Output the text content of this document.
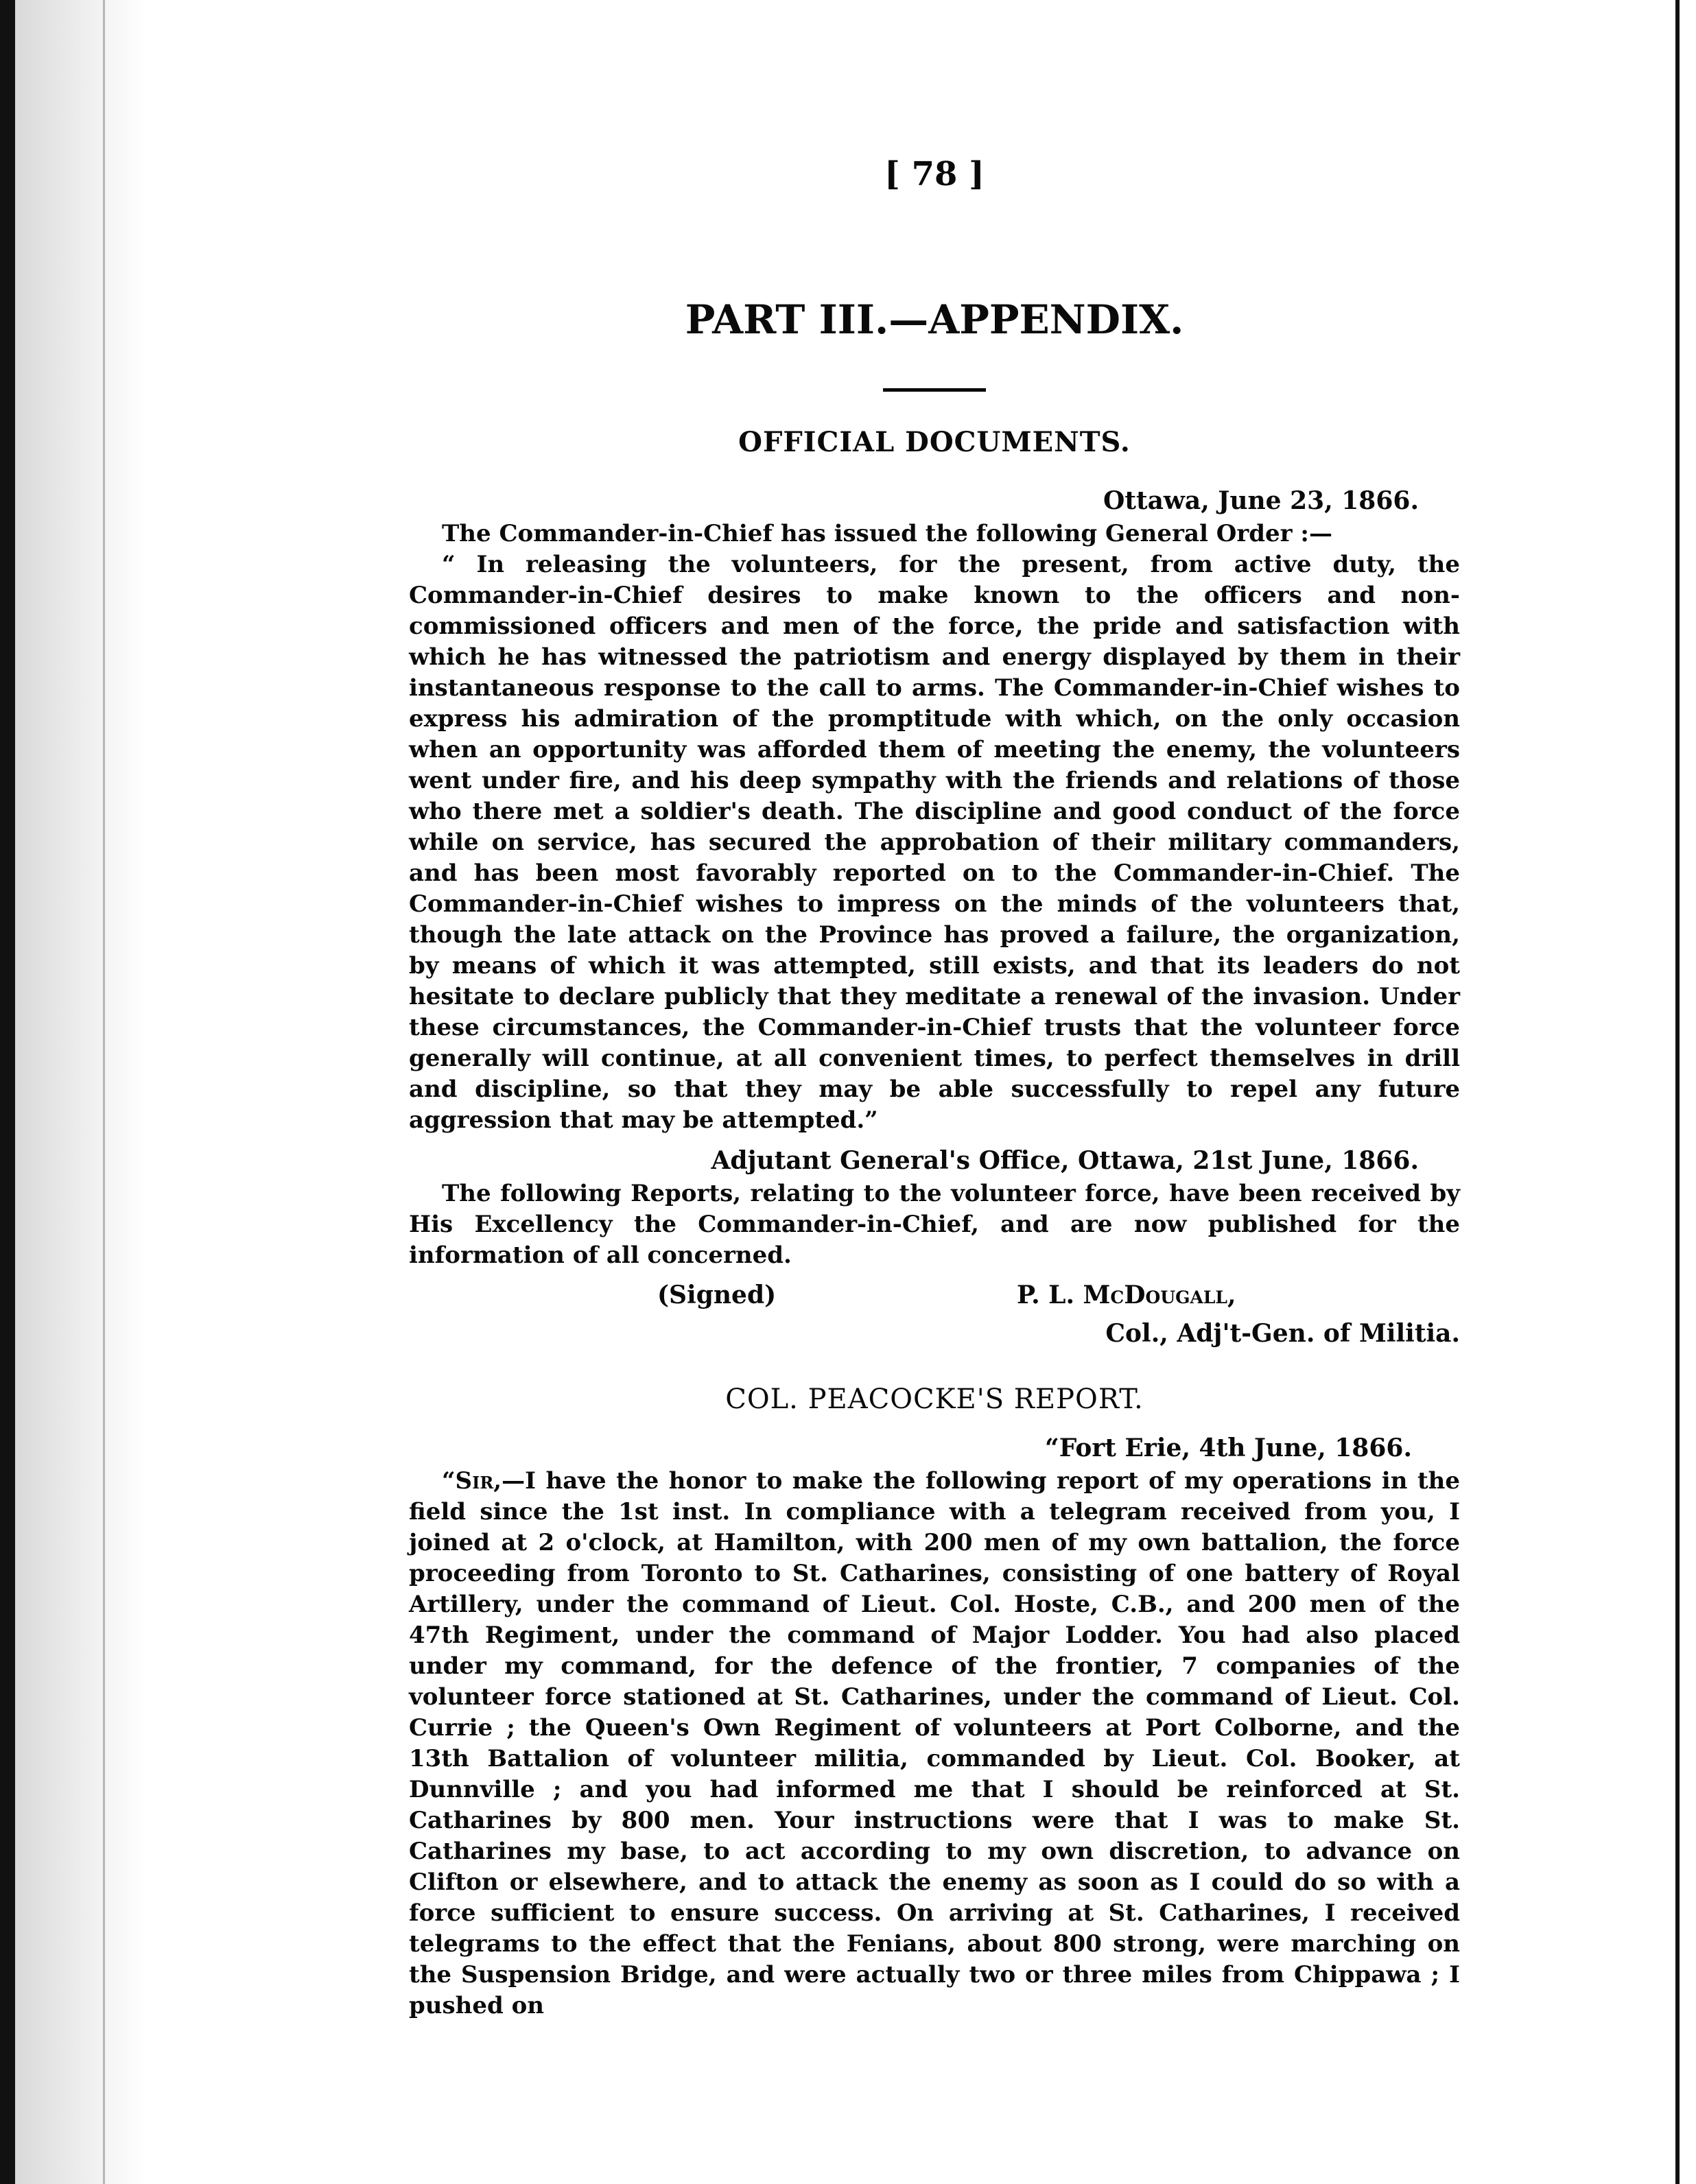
[ 78 ]
PART III.—APPENDIX.
OFFICIAL DOCUMENTS.
Ottawa, June 23, 1866.

The Commander-in-Chief has issued the following General Order :—

“ In releasing the volunteers, for the present, from active duty, the Commander-in-Chief desires to make known to the officers and non-commissioned officers and men of the force, the pride and satisfaction with which he has witnessed the patriotism and energy displayed by them in their instantaneous response to the call to arms. The Commander-in-Chief wishes to express his admiration of the promptitude with which, on the only occasion when an opportunity was afforded them of meeting the enemy, the volunteers went under fire, and his deep sympathy with the friends and relations of those who there met a soldier's death. The discipline and good conduct of the force while on service, has secured the approbation of their military commanders, and has been most favorably reported on to the Commander-in-Chief. The Commander-in-Chief wishes to impress on the minds of the volunteers that, though the late attack on the Province has proved a failure, the organization, by means of which it was attempted, still exists, and that its leaders do not hesitate to declare publicly that they meditate a renewal of the invasion. Under these circumstances, the Commander-in-Chief trusts that the volunteer force generally will continue, at all convenient times, to perfect themselves in drill and discipline, so that they may be able successfully to repel any future aggression that may be attempted.”

Adjutant General's Office, Ottawa, 21st June, 1866.

The following Reports, relating to the volunteer force, have been received by His Excellency the Commander-in-Chief, and are now published for the information of all concerned.

(Signed)	P. L. McDougall,
Col., Adj't-Gen. of Militia.
COL. PEACOCKE'S REPORT.
“Fort Erie, 4th June, 1866.

“Sir,—I have the honor to make the following report of my operations in the field since the 1st inst. In compliance with a telegram received from you, I joined at 2 o'clock, at Hamilton, with 200 men of my own battalion, the force proceeding from Toronto to St. Catharines, consisting of one battery of Royal Artillery, under the command of Lieut. Col. Hoste, C.B., and 200 men of the 47th Regiment, under the command of Major Lodder. You had also placed under my command, for the defence of the frontier, 7 companies of the volunteer force stationed at St. Catharines, under the command of Lieut. Col. Currie ; the Queen's Own Regiment of volunteers at Port Colborne, and the 13th Battalion of volunteer militia, commanded by Lieut. Col. Booker, at Dunnville ; and you had informed me that I should be reinforced at St. Catharines by 800 men. Your instructions were that I was to make St. Catharines my base, to act according to my own discretion, to advance on Clifton or elsewhere, and to attack the enemy as soon as I could do so with a force sufficient to ensure success. On arriving at St. Catharines, I received telegrams to the effect that the Fenians, about 800 strong, were marching on the Suspension Bridge, and were actually two or three miles from Chippawa ; I pushed on
